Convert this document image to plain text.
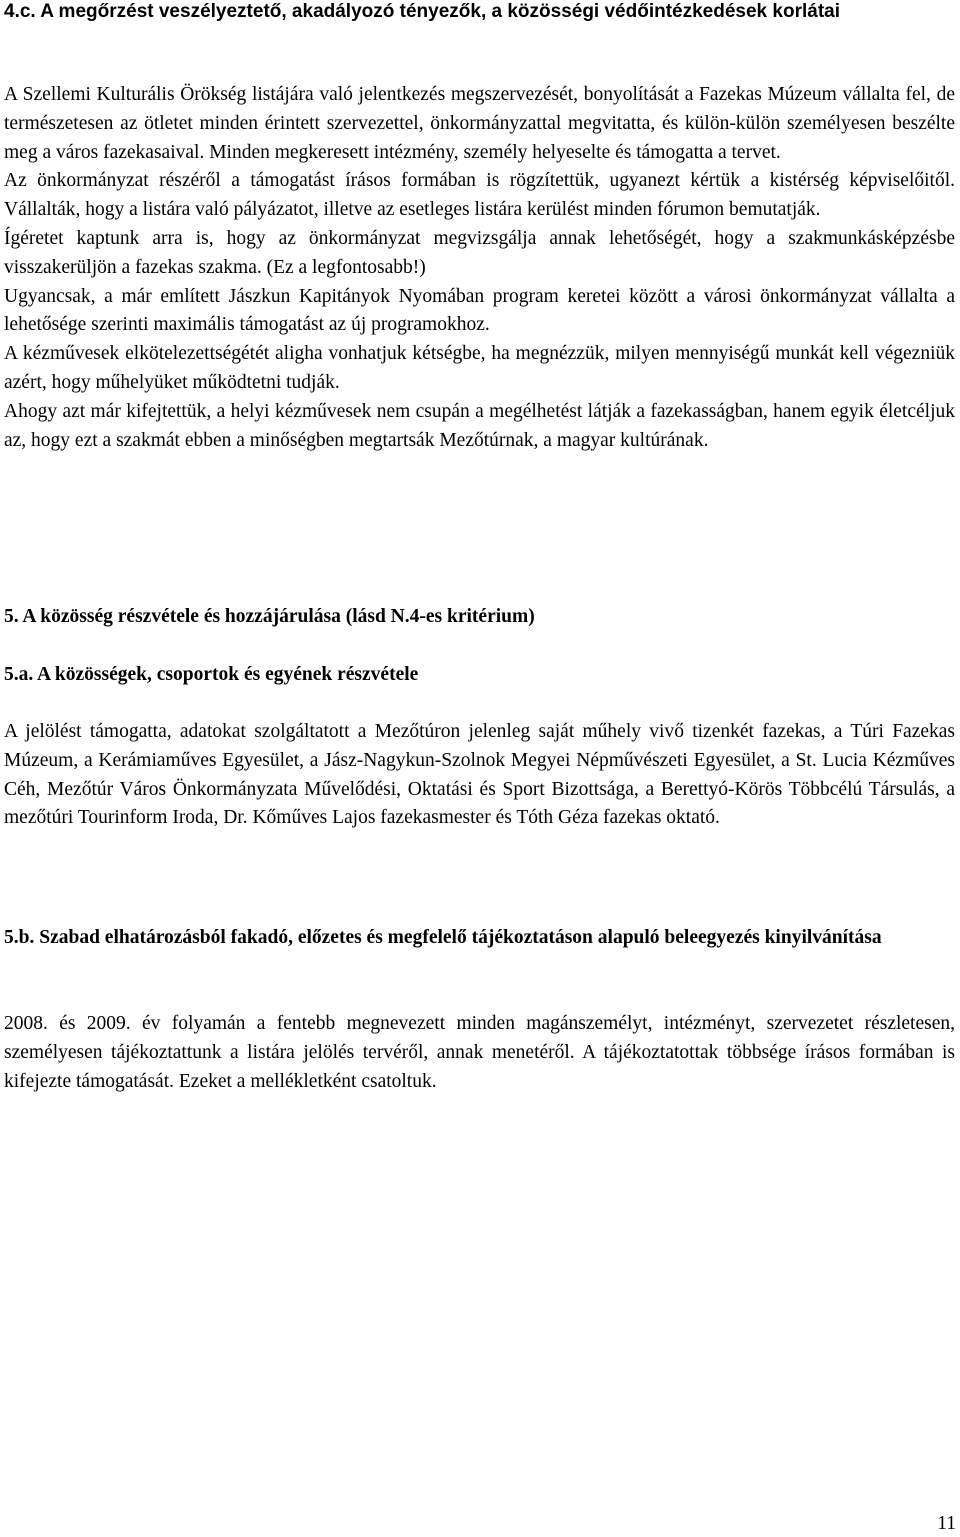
4.c. A megőrzést veszélyeztető, akadályozó tényezők, a közösségi védőintézkedések korlátai
A Szellemi Kulturális Örökség listájára való jelentkezés megszervezését, bonyolítását a Fazekas Múzeum vállalta fel, de természetesen az ötletet minden érintett szervezettel, önkormányzattal megvitatta, és külön-külön személyesen beszélte meg a város fazekasaival. Minden megkeresett intézmény, személy helyeselte és támogatta a tervet.
Az önkormányzat részéről a támogatást írásos formában is rögzítettük, ugyanezt kértük a kistérség képviselőitől. Vállalták, hogy a listára való pályázatot, illetve az esetleges listára kerülést minden fórumon bemutatják.
Ígéretet kaptunk arra is, hogy az önkormányzat megvizsgálja annak lehetőségét, hogy a szakmunkásképzésbe visszakerüljön a fazekas szakma. (Ez a legfontosabb!)
Ugyancsak, a már említett Jászkun Kapitányok Nyomában program keretei között a városi önkormányzat vállalta a lehetősége szerinti maximális támogatást az új programokhoz.
A kézművesek elkötelezettségétét aligha vonhatjuk kétségbe, ha megnézzük, milyen mennyiségű munkát kell végezniük azért, hogy műhelyüket működtetni tudják.
Ahogy azt már kifejtettük, a helyi kézművesek nem csupán a megélhetést látják a fazekasságban, hanem egyik életcéljuk az, hogy ezt a szakmát ebben a minőségben megtartsák Mezőtúrnak, a magyar kultúrának.
5. A közösség részvétele és hozzájárulása (lásd N.4-es kritérium)
5.a. A közösségek, csoportok és egyének részvétele

A jelölést támogatta, adatokat szolgáltatott a Mezőtúron jelenleg saját műhely vivő tizenkét fazekas, a Túri Fazekas Múzeum, a Kerámiaműves Egyesület, a Jász-Nagykun-Szolnok Megyei Népművészeti Egyesület, a St. Lucia Kézműves Céh, Mezőtúr Város Önkormányzata Művelődési, Oktatási és Sport Bizottsága, a Berettyó-Körös Többcélú Társulás, a mezőtúri Tourinform Iroda, Dr. Kőműves Lajos fazekasmester és Tóth Géza fazekas oktató.

5.b. Szabad elhatározásból fakadó, előzetes és megfelelő tájékoztatáson alapuló beleegyezés kinyilvánítása

2008. és 2009. év folyamán a fentebb megnevezett minden magánszemélyt, intézményt, szervezetet részletesen, személyesen tájékoztattunk a listára jelölés tervéről, annak menetéről. A tájékoztatottak többsége írásos formában is kifejezte támogatását. Ezeket a mellékletként csatoltuk.

11
